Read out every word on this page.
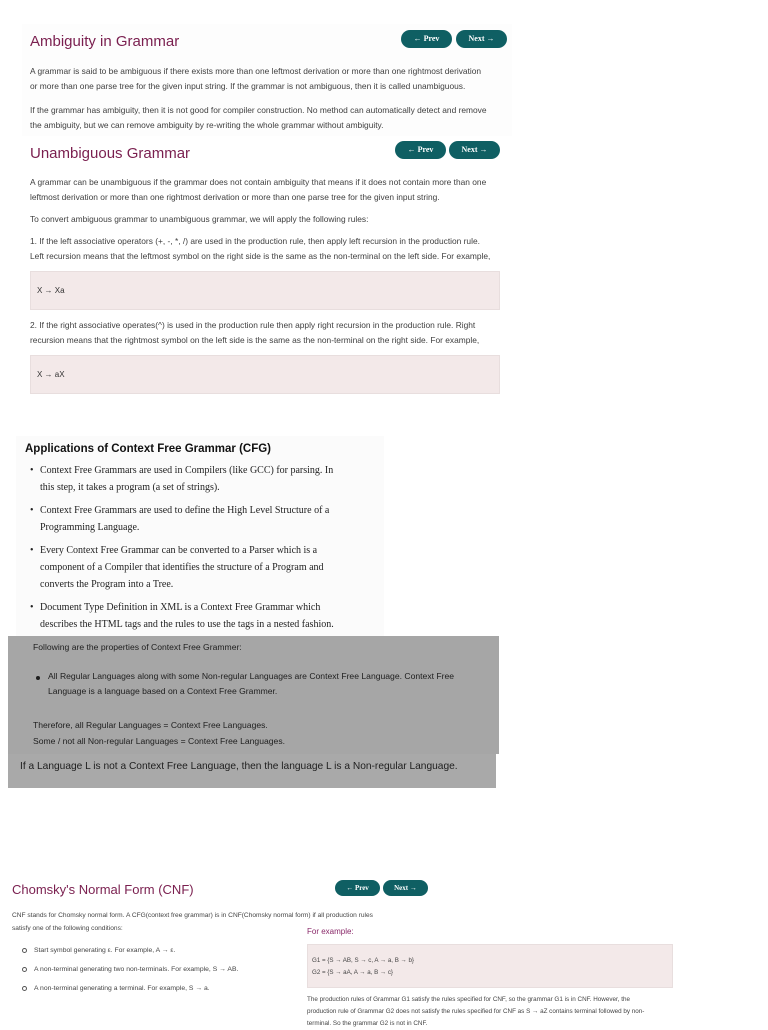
Ambiguity in Grammar	← Prev	Next →

A grammar is said to be ambiguous if there exists more than one leftmost derivation or more than one rightmost derivation
or more than one parse tree for the given input string. If the grammar is not ambiguous, then it is called unambiguous.

If the grammar has ambiguity, then it is not good for compiler construction. No method can automatically detect and remove
the ambiguity, but we can remove ambiguity by re-writing the whole grammar without ambiguity.

Unambiguous Grammar	← Prev	Next →

A grammar can be unambiguous if the grammar does not contain ambiguity that means if it does not contain more than one
leftmost derivation or more than one rightmost derivation or more than one parse tree for the given input string.

To convert ambiguous grammar to unambiguous grammar, we will apply the following rules:

1. If the left associative operators (+, -, *, /) are used in the production rule, then apply left recursion in the production rule.
Left recursion means that the leftmost symbol on the right side is the same as the non-terminal on the left side. For example,

X → Xa

2. If the right associative operates(^) is used in the production rule then apply right recursion in the production rule. Right
recursion means that the rightmost symbol on the left side is the same as the non-terminal on the right side. For example,

X → aX
Applications of Context Free Grammar (CFG)
• Context Free Grammars are used in Compilers (like GCC) for parsing. In
this step, it takes a program (a set of strings).
• Context Free Grammars are used to define the High Level Structure of a
Programming Language.
• Every Context Free Grammar can be converted to a Parser which is a
component of a Compiler that identifies the structure of a Program and
converts the Program into a Tree.
• Document Type Definition in XML is a Context Free Grammar which
describes the HTML tags and the rules to use the tags in a nested fashion.

Following are the properties of Context Free Grammer:

All Regular Languages along with some Non-regular Languages are Context Free Language. Context Free
Language is a language based on a Context Free Grammer.

Therefore, all Regular Languages = Context Free Languages.

Some / not all Non-regular Languages = Context Free Languages.

If a Language L is not a Context Free Language, then the language L is a Non-regular Language.

Chomsky's Normal Form (CNF)	← Prev	Next →

CNF stands for Chomsky normal form. A CFG(context free grammar) is in CNF(Chomsky normal form) if all production rules
satisfy one of the following conditions:

Start symbol generating ε. For example, A → ε.
A non-terminal generating two non-terminals. For example, S → AB.
A non-terminal generating a terminal. For example, S → a.

For example:

G1 = {S → AB, S → c, A → a, B → b}

G2 = {S → aA, A → a, B → c}

The production rules of Grammar G1 satisfy the rules specified for CNF, so the grammar G1 is in CNF. However, the
production rule of Grammar G2 does not satisfy the rules specified for CNF as S → aZ contains terminal followed by non-
terminal. So the grammar G2 is not in CNF.
